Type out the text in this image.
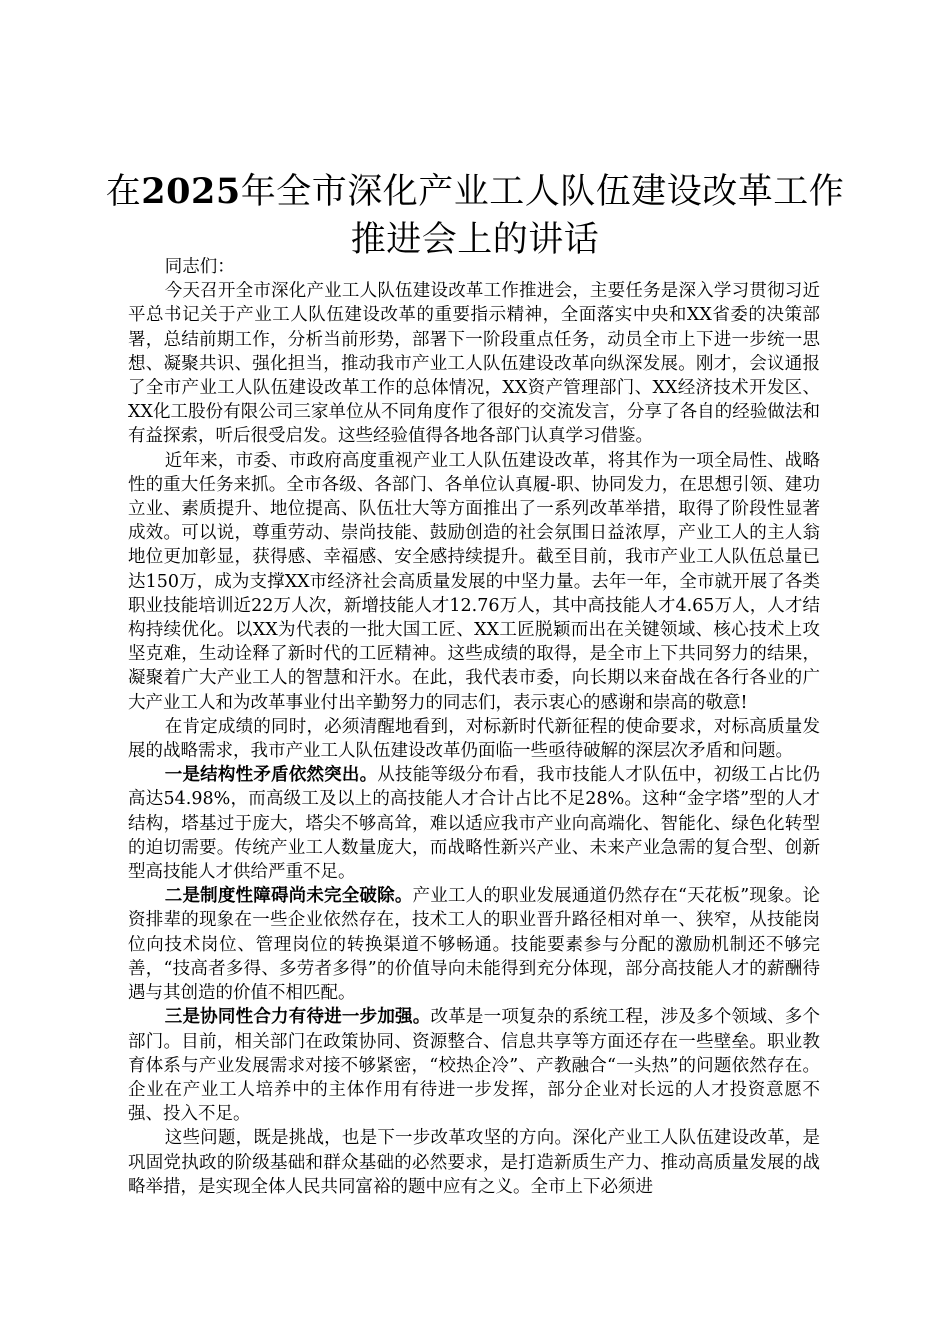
在2025年全市深化产业工人队伍建设改革工作推进会上的讲话

同志们：

今天召开全市深化产业工人队伍建设改革工作推进会，主要任务是深入学习贯彻习近平总书记关于产业工人队伍建设改革的重要指示精神，全面落实中央和XX省委的决策部署，总结前期工作，分析当前形势，部署下一阶段重点任务，动员全市上下进一步统一思想、凝聚共识、强化担当，推动我市产业工人队伍建设改革向纵深发展。刚才，会议通报了全市产业工人队伍建设改革工作的总体情况，XX资产管理部门、XX经济技术开发区、XX化工股份有限公司三家单位从不同角度作了很好的交流发言，分享了各自的经验做法和有益探索，听后很受启发。这些经验值得各地各部门认真学习借鉴。

近年来，市委、市政府高度重视产业工人队伍建设改革，将其作为一项全局性、战略性的重大任务来抓。全市各级、各部门、各单位认真履-职、协同发力，在思想引领、建功立业、素质提升、地位提高、队伍壮大等方面推出了一系列改革举措，取得了阶段性显著成效。可以说，尊重劳动、崇尚技能、鼓励创造的社会氛围日益浓厚，产业工人的主人翁地位更加彰显，获得感、幸福感、安全感持续提升。截至目前，我市产业工人队伍总量已达150万，成为支撑XX市经济社会高质量发展的中坚力量。去年一年，全市就开展了各类职业技能培训近22万人次，新增技能人才12.76万人，其中高技能人才4.65万人，人才结构持续优化。以XX为代表的一批大国工匠、XX工匠脱颖而出在关键领域、核心技术上攻坚克难，生动诠释了新时代的工匠精神。这些成绩的取得，是全市上下共同努力的结果，凝聚着广大产业工人的智慧和汗水。在此，我代表市委，向长期以来奋战在各行各业的广大产业工人和为改革事业付出辛勤努力的同志们，表示衷心的感谢和崇高的敬意!

在肯定成绩的同时，必须清醒地看到，对标新时代新征程的使命要求，对标高质量发展的战略需求，我市产业工人队伍建设改革仍面临一些亟待破解的深层次矛盾和问题。

一是结构性矛盾依然突出。从技能等级分布看，我市技能人才队伍中，初级工占比仍高达54.98%，而高级工及以上的高技能人才合计占比不足28%。这种“金字塔”型的人才结构，塔基过于庞大，塔尖不够高耸，难以适应我市产业向高端化、智能化、绿色化转型的迫切需要。传统产业工人数量庞大，而战略性新兴产业、未来产业急需的复合型、创新型高技能人才供给严重不足。

二是制度性障碍尚未完全破除。产业工人的职业发展通道仍然存在“天花板”现象。论资排辈的现象在一些企业依然存在，技术工人的职业晋升路径相对单一、狭窄，从技能岗位向技术岗位、管理岗位的转换渠道不够畅通。技能要素参与分配的激励机制还不够完善，“技高者多得、多劳者多得”的价值导向未能得到充分体现，部分高技能人才的薪酬待遇与其创造的价值不相匹配。

三是协同性合力有待进一步加强。改革是一项复杂的系统工程，涉及多个领域、多个部门。目前，相关部门在政策协同、资源整合、信息共享等方面还存在一些壁垒。职业教育体系与产业发展需求对接不够紧密，“校热企冷”、产教融合“一头热”的问题依然存在。企业在产业工人培养中的主体作用有待进一步发挥，部分企业对长远的人才投资意愿不强、投入不足。

这些问题，既是挑战，也是下一步改革攻坚的方向。深化产业工人队伍建设改革，是巩固党执政的阶级基础和群众基础的必然要求，是打造新质生产力、推动高质量发展的战略举措，是实现全体人民共同富裕的题中应有之义。全市上下必须进
